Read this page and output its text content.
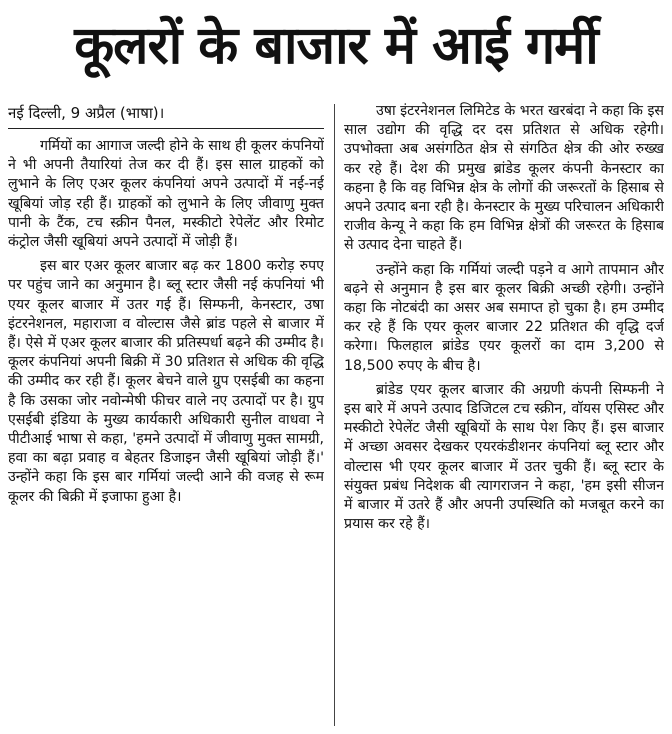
कूलरों के बाजार में आई गर्मी
नई दिल्ली, 9 अप्रैल (भाषा)।

गर्मियों का आगाज जल्दी होने के साथ ही कूलर कंपनियों ने भी अपनी तैयारियां तेज कर दी हैं। इस साल ग्राहकों को लुभाने के लिए एअर कूलर कंपनियां अपने उत्पादों में नई-नई खूबियां जोड़ रही हैं। ग्राहकों को लुभाने के लिए जीवाणु मुक्त पानी के टैंक, टच स्क्रीन पैनल, मस्कीटो रेपेलेंट और रिमोट कंट्रोल जैसी खूबियां अपने उत्पादों में जोड़ी हैं।

इस बार एअर कूलर बाजार बढ़ कर 1800 करोड़ रुपए पर पहुंच जाने का अनुमान है। ब्लू स्टार जैसी नई कंपनियां भी एयर कूलर बाजार में उतर गई हैं। सिम्फनी, केनस्टार, उषा इंटरनेशनल, महाराजा व वोल्टास जैसे ब्रांड पहले से बाजार में हैं। ऐसे में एअर कूलर बाजार की प्रतिस्पर्धा बढ़ने की उम्मीद है। कूलर कंपनियां अपनी बिक्री में 30 प्रतिशत से अधिक की वृद्धि की उम्मीद कर रही हैं। कूलर बेचने वाले ग्रुप एसईबी का कहना है कि उसका जोर नवोन्मेषी फीचर वाले नए उत्पादों पर है। ग्रुप एसईबी इंडिया के मुख्य कार्यकारी अधिकारी सुनील वाधवा ने पीटीआई भाषा से कहा, 'हमने उत्पादों में जीवाणु मुक्त सामग्री, हवा का बढ़ा प्रवाह व बेहतर डिजाइन जैसी खूबियां जोड़ी हैं।' उन्होंने कहा कि इस बार गर्मियां जल्दी आने की वजह से रूम कूलर की बिक्री में इजाफा हुआ है।

उषा इंटरनेशनल लिमिटेड के भरत खरबंदा ने कहा कि इस साल उद्योग की वृद्धि दर दस प्रतिशत से अधिक रहेगी। उपभोक्ता अब असंगठित क्षेत्र से संगठित क्षेत्र की ओर रुख्ख कर रहे हैं। देश की प्रमुख ब्रांडेड कूलर कंपनी केनस्टार का कहना है कि वह विभिन्न क्षेत्र के लोगों की जरूरतों के हिसाब से अपने उत्पाद बना रही है। केनस्टार के मुख्य परिचालन अधिकारी राजीव केन्यू ने कहा कि हम विभिन्न क्षेत्रों की जरूरत के हिसाब से उत्पाद देना चाहते हैं।

उन्होंने कहा कि गर्मियां जल्दी पड़ने व आगे तापमान और बढ़ने से अनुमान है इस बार कूलर बिक्री अच्छी रहेगी। उन्होंने कहा कि नोटबंदी का असर अब समाप्त हो चुका है। हम उम्मीद कर रहे हैं कि एयर कूलर बाजार 22 प्रतिशत की वृद्धि दर्ज करेगा। फिलहाल ब्रांडेड एयर कूलरों का दाम 3,200 से 18,500 रुपए के बीच है।

ब्रांडेड एयर कूलर बाजार की अग्रणी कंपनी सिम्फनी ने इस बारे में अपने उत्पाद डिजिटल टच स्क्रीन, वॉयस एसिस्ट और मस्कीटो रेपेलेंट जैसी खूबियों के साथ पेश किए हैं। इस बाजार में अच्छा अवसर देखकर एयरकंडीशनर कंपनियां ब्लू स्टार और वोल्टास भी एयर कूलर बाजार में उतर चुकी हैं। ब्लू स्टार के संयुक्त प्रबंध निदेशक बी त्यागराजन ने कहा, 'हम इसी सीजन में बाजार में उतरे हैं और अपनी उपस्थिति को मजबूत करने का प्रयास कर रहे हैं।
